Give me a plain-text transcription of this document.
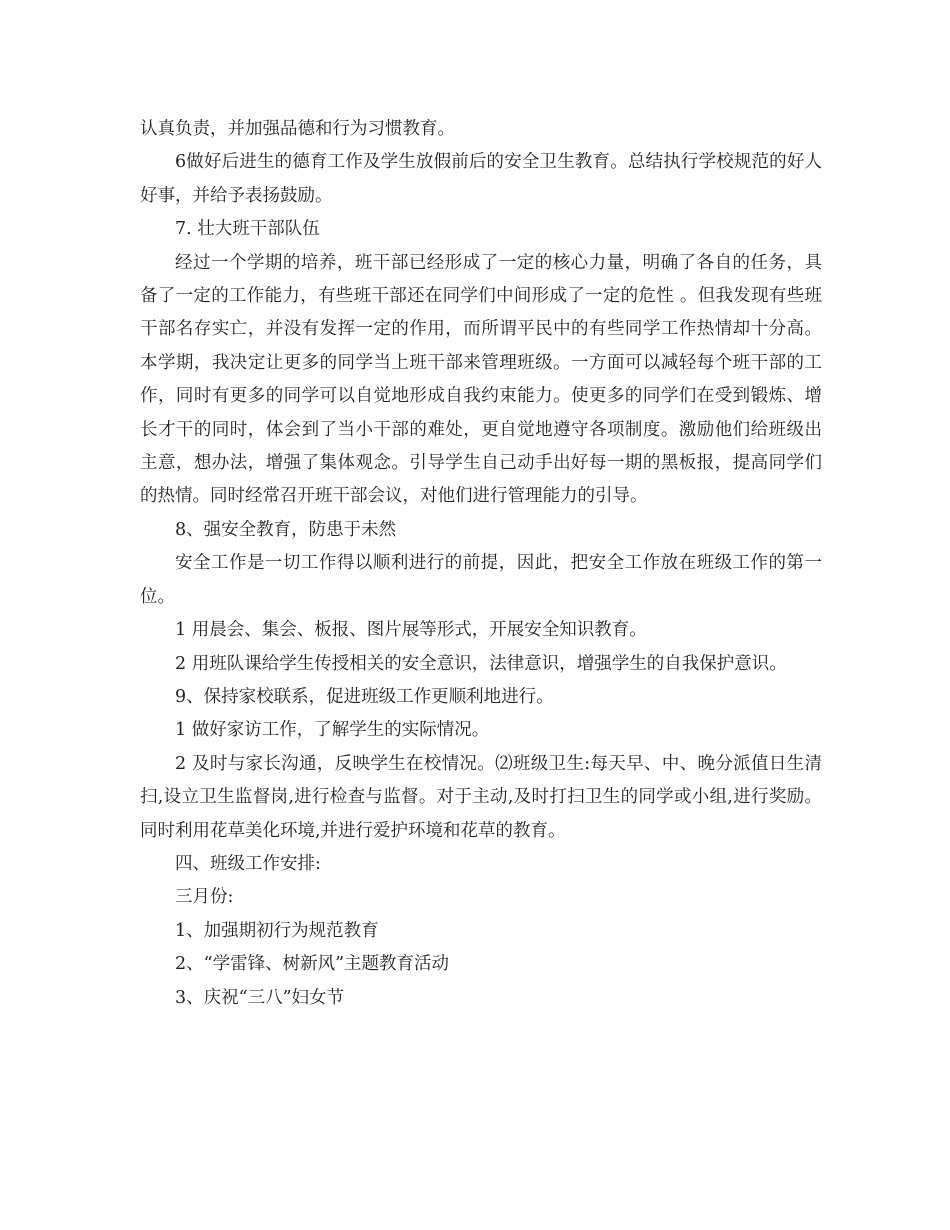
认真负责，并加强品德和行为习惯教育。

6做好后进生的德育工作及学生放假前后的安全卫生教育。总结执行学校规范的好人好事，并给予表扬鼓励。

7. 壮大班干部队伍

经过一个学期的培养，班干部已经形成了一定的核心力量，明确了各自的任务，具备了一定的工作能力，有些班干部还在同学们中间形成了一定的危性 。但我发现有些班干部名存实亡，并没有发挥一定的作用，而所谓平民中的有些同学工作热情却十分高。本学期，我决定让更多的同学当上班干部来管理班级。一方面可以减轻每个班干部的工作，同时有更多的同学可以自觉地形成自我约束能力。使更多的同学们在受到锻炼、增长才干的同时，体会到了当小干部的难处，更自觉地遵守各项制度。激励他们给班级出主意，想办法，增强了集体观念。引导学生自己动手出好每一期的黑板报，提高同学们的热情。同时经常召开班干部会议，对他们进行管理能力的引导。

8、强安全教育，防患于未然

安全工作是一切工作得以顺利进行的前提，因此，把安全工作放在班级工作的第一位。

1 用晨会、集会、板报、图片展等形式，开展安全知识教育。

2 用班队课给学生传授相关的安全意识，法律意识，增强学生的自我保护意识。

9、保持家校联系，促进班级工作更顺利地进行。

1 做好家访工作，了解学生的实际情况。

2 及时与家长沟通，反映学生在校情况。⑵班级卫生:每天早、中、晚分派值日生清扫,设立卫生监督岗,进行检查与监督。对于主动,及时打扫卫生的同学或小组,进行奖励。同时利用花草美化环境,并进行爱护环境和花草的教育。

四、班级工作安排:

三月份:

1、加强期初行为规范教育

2、“学雷锋、树新风”主题教育活动

3、庆祝“三八”妇女节
